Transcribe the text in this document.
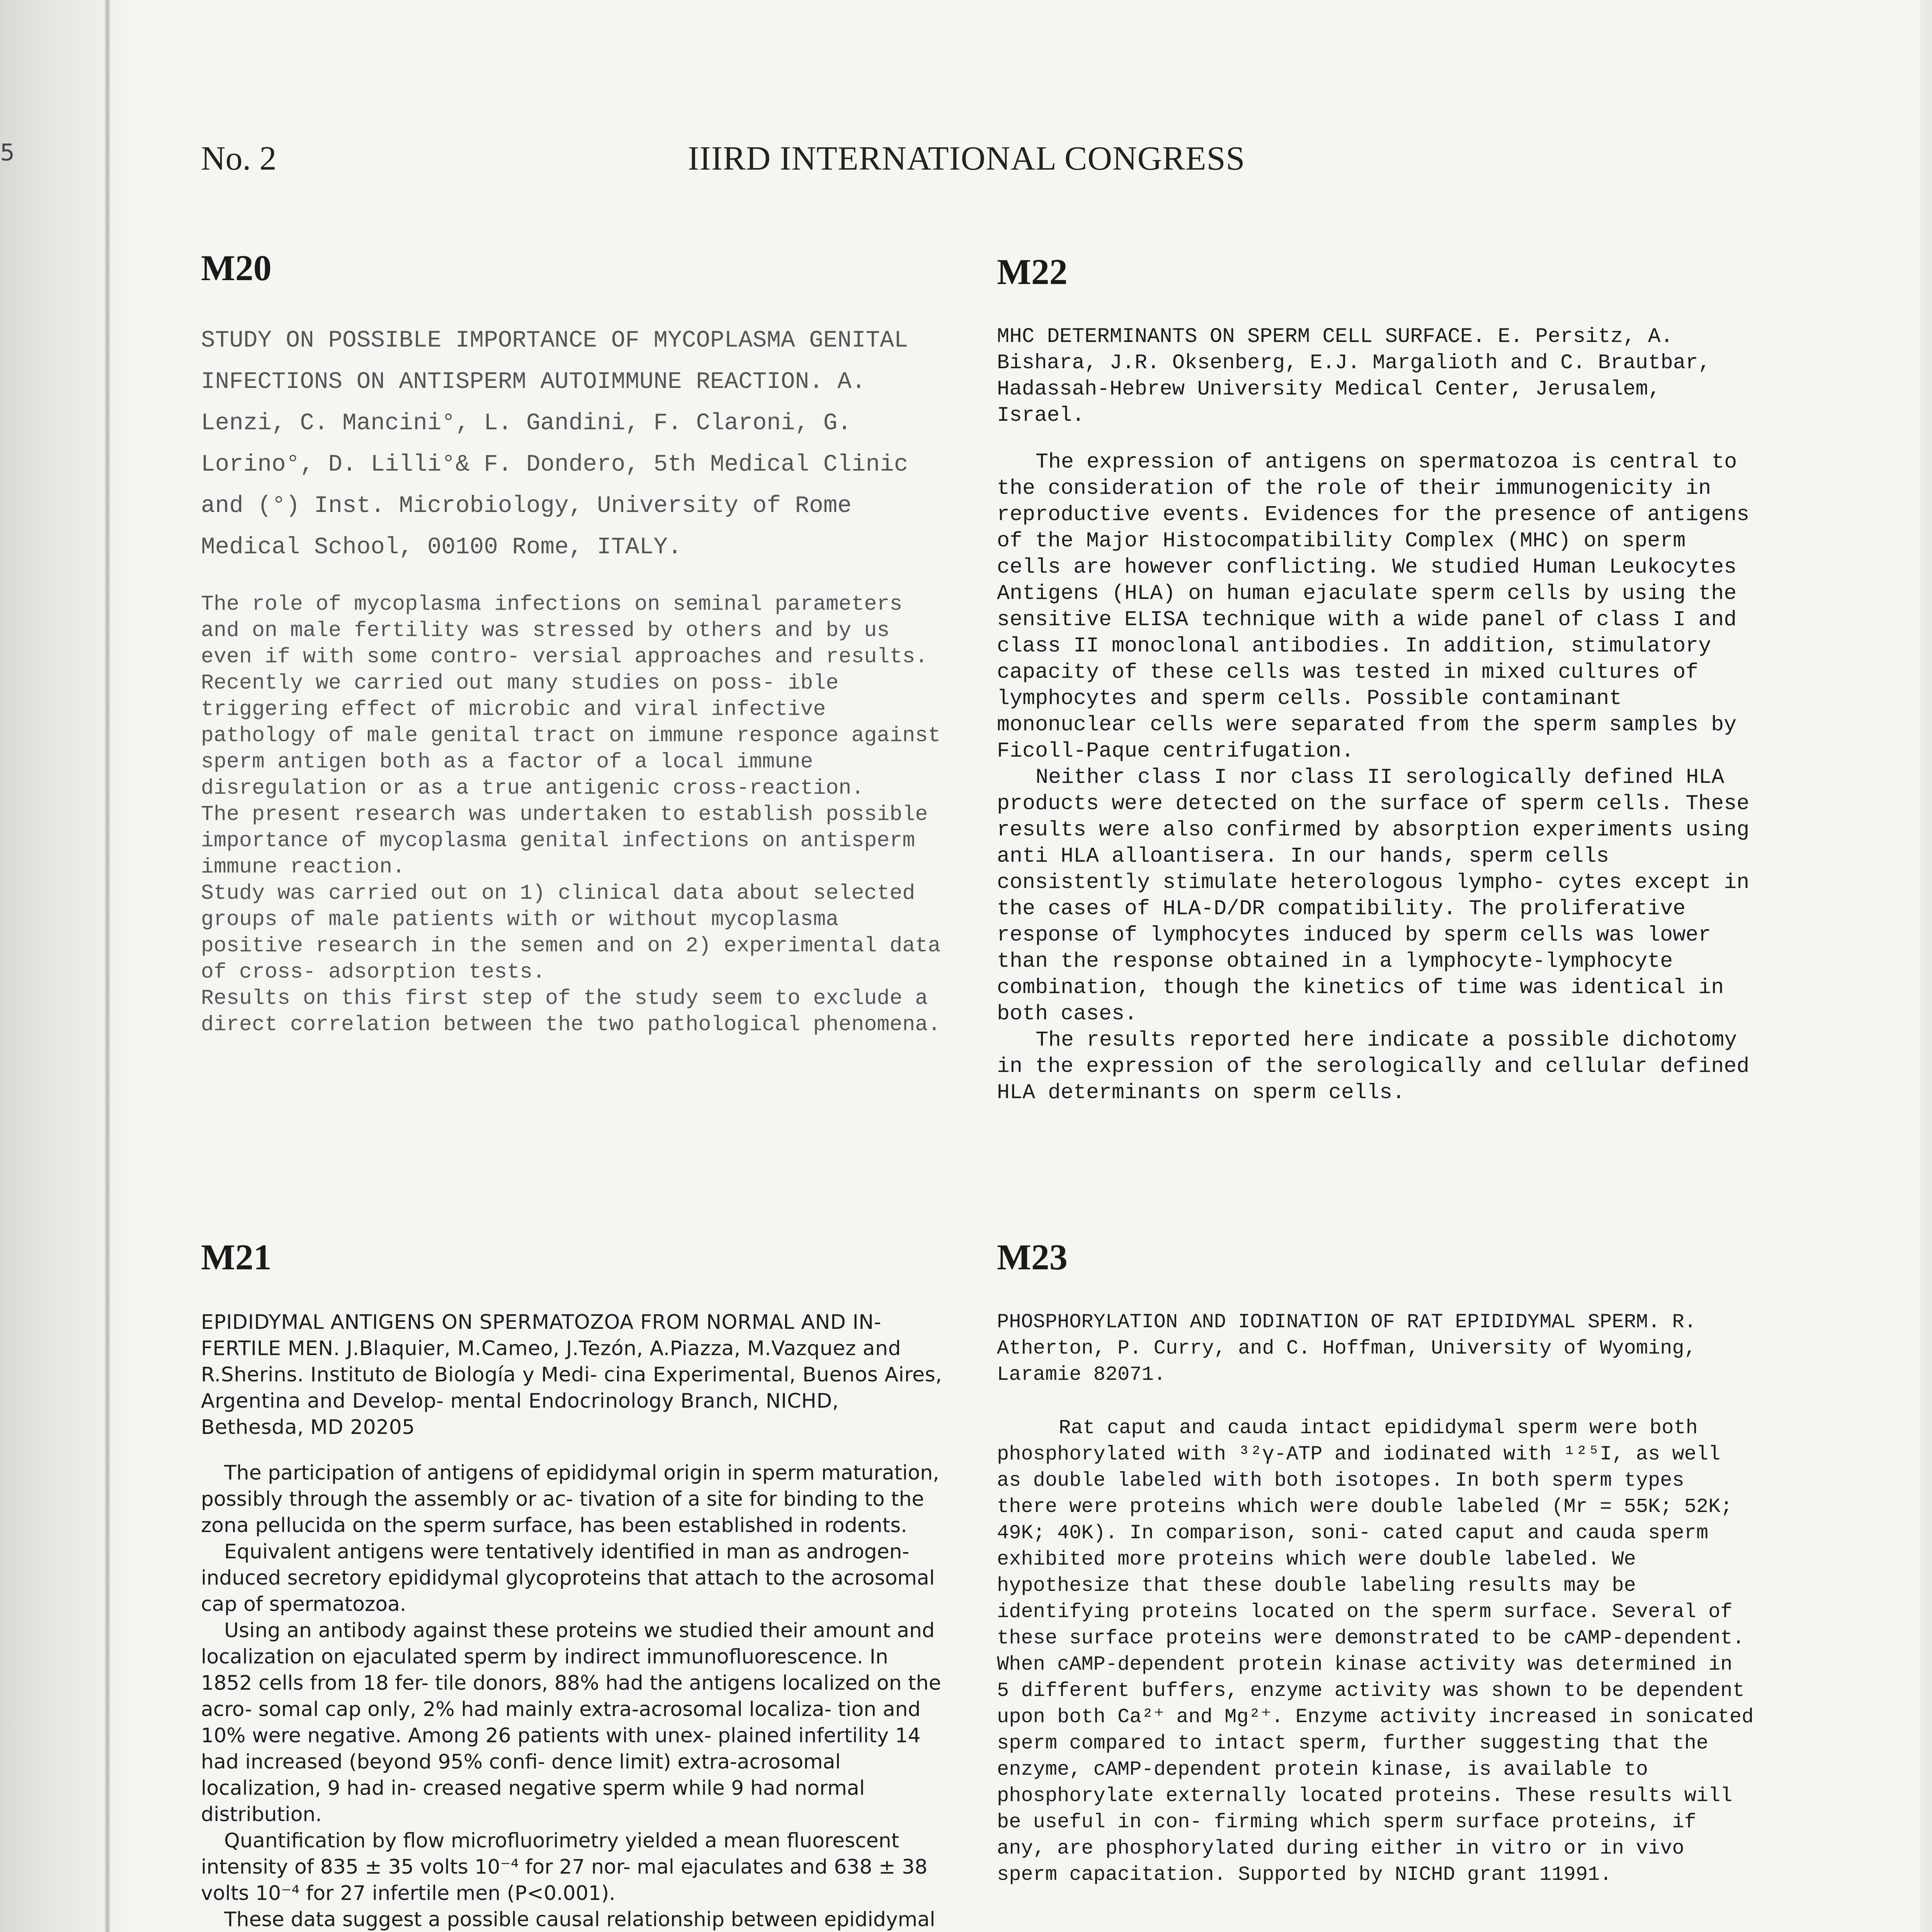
5	No. 2	IIIRD INTERNATIONAL CONGRESS
M20
STUDY ON POSSIBLE IMPORTANCE OF MYCOPLASMA GENITAL INFECTIONS ON ANTISPERM AUTOIMMUNE REACTION. A. Lenzi, C. Mancini°, L. Gandini, F. Claroni, G. Lorino°, D. Lilli°& F. Dondero, 5th Medical Clinic and (°) Inst. Microbiology, University of Rome Medical School, 00100 Rome, ITALY.

The role of mycoplasma infections on seminal parameters and on male fertility was stressed by others and by us even if with some contro- versial approaches and results.

Recently we carried out many studies on poss- ible triggering effect of microbic and viral infective pathology of male genital tract on immune responce against sperm antigen both as a factor of a local immune disregulation or as a true antigenic cross-reaction.

The present research was undertaken to establish possible importance of mycoplasma genital infections on antisperm immune reaction.

Study was carried out on 1) clinical data about selected groups of male patients with or without mycoplasma positive research in the semen and on 2) experimental data of cross- adsorption tests.

Results on this first step of the study seem to exclude a direct correlation between the two pathological phenomena.

M22
MHC DETERMINANTS ON SPERM CELL SURFACE. E. Persitz, A. Bishara, J.R. Oksenberg, E.J. Margalioth and C. Brautbar, Hadassah-Hebrew University Medical Center, Jerusalem, Israel.

The expression of antigens on spermatozoa is central to the consideration of the role of their immunogenicity in reproductive events. Evidences for the presence of antigens of the Major Histocompatibility Complex (MHC) on sperm cells are however conflicting. We studied Human Leukocytes Antigens (HLA) on human ejaculate sperm cells by using the sensitive ELISA technique with a wide panel of class I and class II monoclonal antibodies. In addition, stimulatory capacity of these cells was tested in mixed cultures of lymphocytes and sperm cells. Possible contaminant mononuclear cells were separated from the sperm samples by Ficoll-Paque centrifugation.

Neither class I nor class II serologically defined HLA products were detected on the surface of sperm cells. These results were also confirmed by absorption experiments using anti HLA alloantisera. In our hands, sperm cells consistently stimulate heterologous lympho- cytes except in the cases of HLA-D/DR compatibility. The proliferative response of lymphocytes induced by sperm cells was lower than the response obtained in a lymphocyte-lymphocyte combination, though the kinetics of time was identical in both cases.

The results reported here indicate a possible dichotomy in the expression of the serologically and cellular defined HLA determinants on sperm cells.

M21
EPIDIDYMAL ANTIGENS ON SPERMATOZOA FROM NORMAL AND IN- FERTILE MEN. J.Blaquier, M.Cameo, J.Tezón, A.Piazza, M.Vazquez and R.Sherins. Instituto de Biología y Medi- cina Experimental, Buenos Aires, Argentina and Develop- mental Endocrinology Branch, NICHD, Bethesda, MD 20205

The participation of antigens of epididymal origin in sperm maturation, possibly through the assembly or ac- tivation of a site for binding to the zona pellucida on the sperm surface, has been established in rodents.

Equivalent antigens were tentatively identified in man as androgen-induced secretory epididymal glycoproteins that attach to the acrosomal cap of spermatozoa.

Using an antibody against these proteins we studied their amount and localization on ejaculated sperm by indirect immunofluorescence. In 1852 cells from 18 fer- tile donors, 88% had the antigens localized on the acro- somal cap only, 2% had mainly extra-acrosomal localiza- tion and 10% were negative. Among 26 patients with unex- plained infertility 14 had increased (beyond 95% confi- dence limit) extra-acrosomal localization, 9 had in- creased negative sperm while 9 had normal distribution.

Quantification by flow microfluorimetry yielded a mean fluorescent intensity of 835 ± 35 volts 10⁻⁴ for 27 nor- mal ejaculates and 638 ± 38 volts 10⁻⁴ for 27 infertile men (P<0.001).

These data suggest a possible causal relationship between epididymal

M23
PHOSPHORYLATION AND IODINATION OF RAT EPIDIDYMAL SPERM. R. Atherton, P. Curry, and C. Hoffman, University of Wyoming, Laramie 82071.

Rat caput and cauda intact epididymal sperm were both phosphorylated with ³²γ-ATP and iodinated with ¹²⁵I, as well as double labeled with both isotopes. In both sperm types there were proteins which were double labeled (Mr = 55K; 52K; 49K; 40K). In comparison, soni- cated caput and cauda sperm exhibited more proteins which were double labeled. We hypothesize that these double labeling results may be identifying proteins located on the sperm surface. Several of these surface proteins were demonstrated to be cAMP-dependent. When cAMP-dependent protein kinase activity was determined in 5 different buffers, enzyme activity was shown to be dependent upon both Ca²⁺ and Mg²⁺. Enzyme activity increased in sonicated sperm compared to intact sperm, further suggesting that the enzyme, cAMP-dependent protein kinase, is available to phosphorylate externally located proteins. These results will be useful in con- firming which sperm surface proteins, if any, are phosphorylated during either in vitro or in vivo sperm capacitation. Supported by NICHD grant 11991.
